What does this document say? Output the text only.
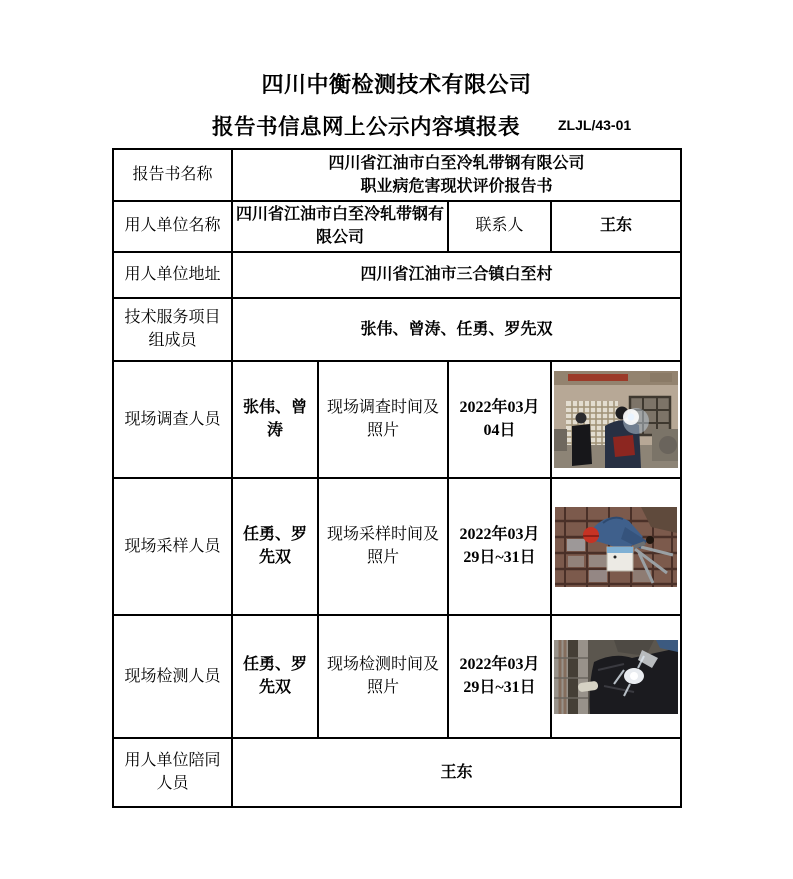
四川中衡检测技术有限公司
报告书信息网上公示内容填报表	ZLJL/43-01
报告书名称	四川省江油市白至冷轧带钢有限公司
职业病危害现状评价报告书			

用人单位名称	四川省江油市白至冷轧带钢有限公司		联系人	王东
用人单位地址	四川省江油市三合镇白至村			
技术服务项目组成员	张伟、曾涛、任勇、罗先双			
现场调查人员	张伟、曾涛	现场调查时间及照片	2022年03月04日	

现场采样人员	任勇、罗先双	现场采样时间及照片	2022年03月29日~31日	

现场检测人员	任勇、罗先双	现场检测时间及照片	2022年03月29日~31日	

用人单位陪同人员	王东			
